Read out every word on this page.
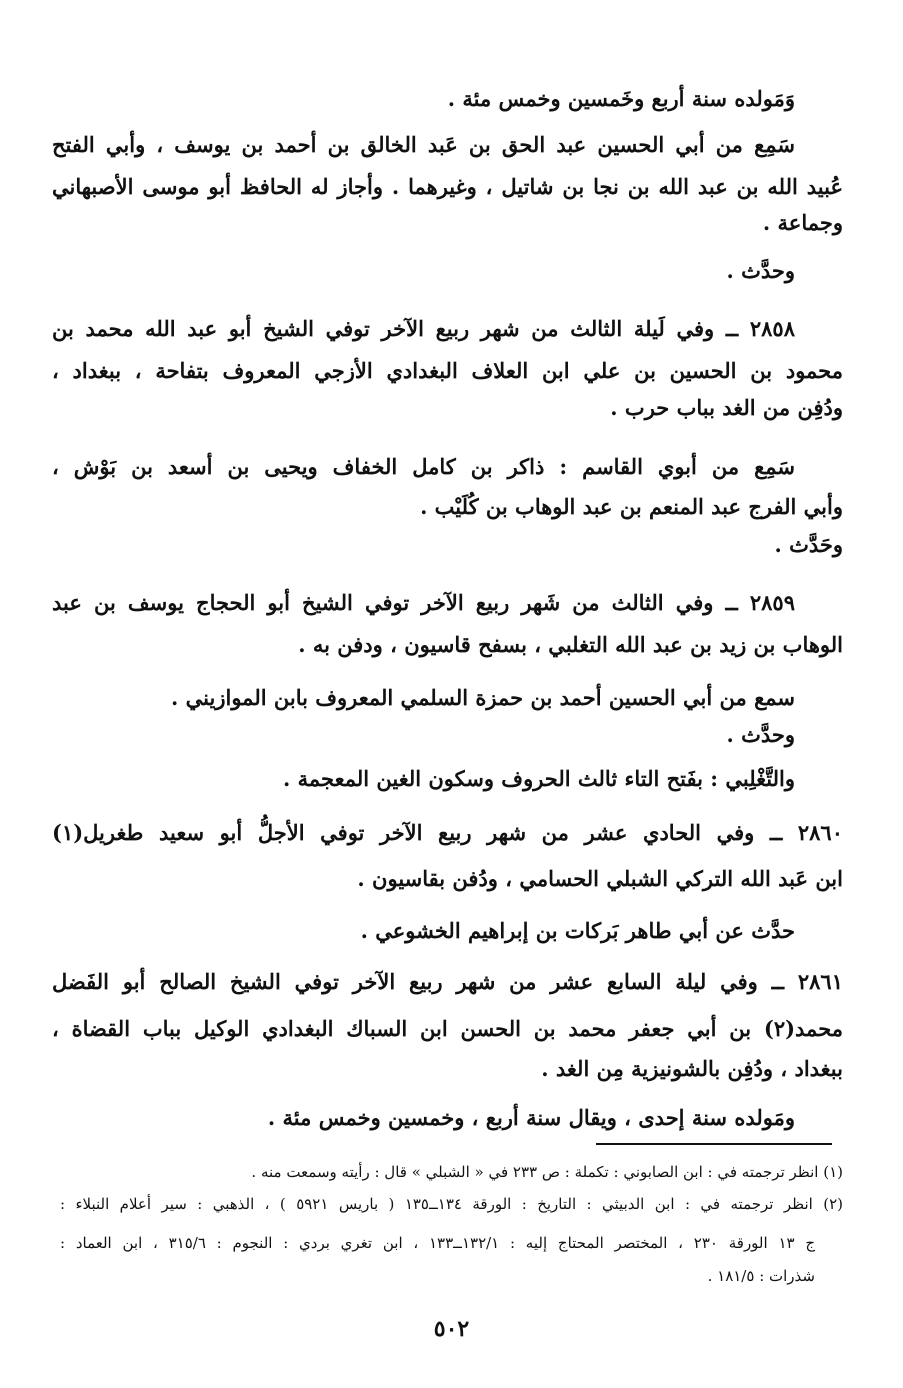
وَمَولده سنة أربع وخَمسين وخمس مئة .
سَمِع من أبي الحسين عبد الحق بن عَبد الخالق بن أحمد بن يوسف ، وأبي الفتح
عُبيد الله بن عبد الله بن نجا بن شاتيل ، وغيرهما . وأجاز له الحافظ أبو موسى الأصبهاني
وجماعة .
وحدَّث .
٢٨٥٨ ــ وفي لَيلة الثالث من شهر ربيع الآخر توفي الشيخ أبو عبد الله محمد بن
محمود بن الحسين بن علي ابن العلاف البغدادي الأزجي المعروف بتفاحة ، ببغداد ،
ودُفِن من الغد بباب حرب .
سَمِع من أبوي القاسم : ذاكر بن كامل الخفاف ويحيى بن أسعد بن بَوْش ،
وأبي الفرج عبد المنعم بن عبد الوهاب بن كُلَيْب .
وحَدَّث .
٢٨٥٩ ــ وفي الثالث من شَهر ربيع الآخر توفي الشيخ أبو الحجاج يوسف بن عبد
الوهاب بن زيد بن عبد الله التغلبي ، بسفح قاسيون ، ودفن به .
سمع من أبي الحسين أحمد بن حمزة السلمي المعروف بابن الموازيني .
وحدَّث .
والتَّغْلِبي : بفَتح التاء ثالث الحروف وسكون الغين المعجمة .
٢٨٦٠ ــ وفي الحادي عشر من شهر ربيع الآخر توفي الأجلُّ أبو سعيد طغريل(١)
ابن عَبد الله التركي الشبلي الحسامي ، ودُفن بقاسيون .
حدَّث عن أبي طاهر بَركات بن إبراهيم الخشوعي .
٢٨٦١ ــ وفي ليلة السابع عشر من شهر ربيع الآخر توفي الشيخ الصالح أبو الفَضل
محمد(٢) بن أبي جعفر محمد بن الحسن ابن السباك البغدادي الوكيل بباب القضاة ،
ببغداد ، ودُفِن بالشونيزية مِن الغد .
ومَولده سنة إحدى ، ويقال سنة أربع ، وخمسين وخمس مئة .
(١) انظر ترجمته في : ابن الصابوني : تكملة : ص ٢٣٣ في « الشبلي » قال : رأيته وسمعت منه .
(٢) انظر ترجمته في : ابن الدبيثي : التاريخ : الورقة ١٣٤ــ١٣٥ ( باريس ٥٩٢١ ) ، الذهبي : سير أعلام النبلاء :
ج ١٣ الورقة ٢٣٠ ، المختصر المحتاج إليه : ١٣٢/١ــ١٣٣ ، ابن تغري بردي : النجوم : ٣١٥/٦ ، ابن العماد :
شذرات : ١٨١/٥ .
٥٠٢
